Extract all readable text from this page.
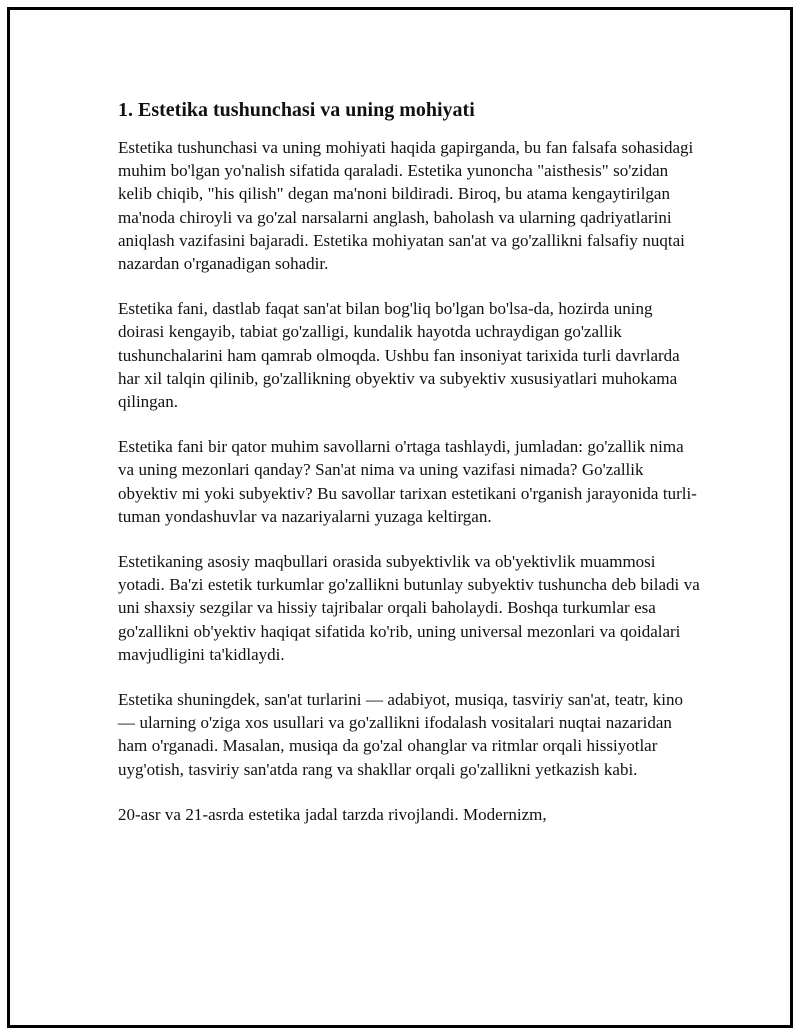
1. Estetika tushunchasi va uning mohiyati

Estetika tushunchasi va uning mohiyati haqida gapirganda, bu fan falsafa sohasidagi muhim bo'lgan yo'nalish sifatida qaraladi. Estetika yunoncha "aisthesis" so'zidan kelib chiqib, "his qilish" degan ma'noni bildiradi. Biroq, bu atama kengaytirilgan ma'noda chiroyli va go'zal narsalarni anglash, baholash va ularning qadriyatlarini aniqlash vazifasini bajaradi. Estetika mohiyatan san'at va go'zallikni falsafiy nuqtai nazardan o'rganadigan sohadir.

Estetika fani, dastlab faqat san'at bilan bog'liq bo'lgan bo'lsa-da, hozirda uning doirasi kengayib, tabiat go'zalligi, kundalik hayotda uchraydigan go'zallik tushunchalarini ham qamrab olmoqda. Ushbu fan insoniyat tarixida turli davrlarda har xil talqin qilinib, go'zallikning obyektiv va subyektiv xususiyatlari muhokama qilingan.

Estetika fani bir qator muhim savollarni o'rtaga tashlaydi, jumladan: go'zallik nima va uning mezonlari qanday? San'at nima va uning vazifasi nimada? Go'zallik obyektiv mi yoki subyektiv? Bu savollar tarixan estetikani o'rganish jarayonida turli-tuman yondashuvlar va nazariyalarni yuzaga keltirgan.

Estetikaning asosiy maqbullari orasida subyektivlik va ob'yektivlik muammosi yotadi. Ba'zi estetik turkumlar go'zallikni butunlay subyektiv tushuncha deb biladi va uni shaxsiy sezgilar va hissiy tajribalar orqali baholaydi. Boshqa turkumlar esa go'zallikni ob'yektiv haqiqat sifatida ko'rib, uning universal mezonlari va qoidalari mavjudligini ta'kidlaydi.

Estetika shuningdek, san'at turlarini — adabiyot, musiqa, tasviriy san'at, teatr, kino — ularning o'ziga xos usullari va go'zallikni ifodalash vositalari nuqtai nazaridan ham o'rganadi. Masalan, musiqa da go'zal ohanglar va ritmlar orqali hissiyotlar uyg'otish, tasviriy san'atda rang va shakllar orqali go'zallikni yetkazish kabi.

20-asr va 21-asrda estetika jadal tarzda rivojlandi. Modernizm,
